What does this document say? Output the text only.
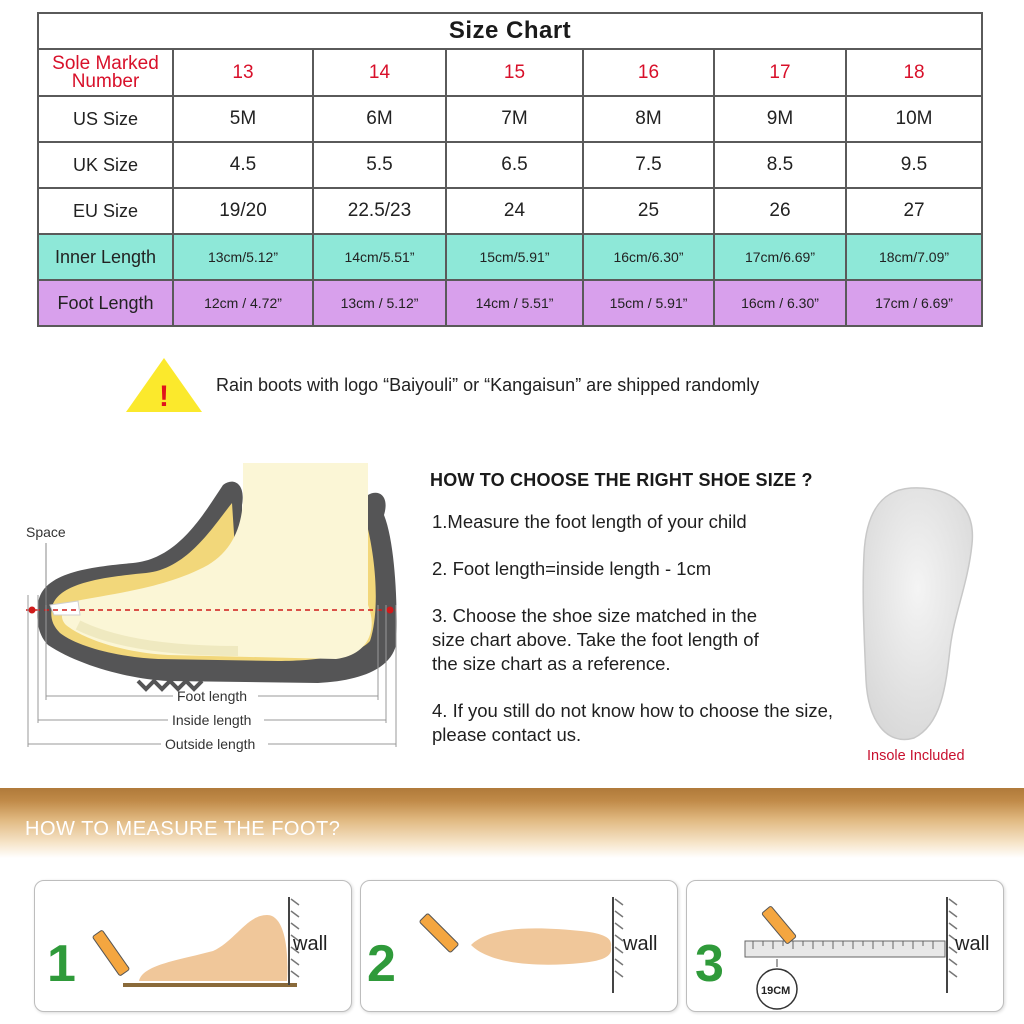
Size Chart						

Sole Marked
Number	13	14	15	16	17	18
US Size	5M	6M	7M	8M	9M	10M
UK Size	4.5	5.5	6.5	7.5	8.5	9.5
EU Size	19/20	22.5/23	24	25	26	27
Inner Length	13cm/5.12”	14cm/5.51”	15cm/5.91”	16cm/6.30”	17cm/6.69”	18cm/7.09”
Foot Length	12cm / 4.72”	13cm / 5.12”	14cm / 5.51”	15cm / 5.91”	16cm / 6.30”	17cm / 6.69”
!	Rain boots with logo “Baiyouli” or “Kangaisun” are shipped randomly
Space
Foot length
Inside length
Outside length
HOW TO CHOOSE THE RIGHT SHOE SIZE ?
1.Measure the foot length of your child
2. Foot length=inside length - 1cm
3. Choose the shoe size matched in the
size chart above. Take the foot length of
the size chart as a reference.
4. If you still do not know how to choose the size,
please contact us.
Insole Included
HOW TO MEASURE THE FOOT?
1	wall 2	wall 3	19CM
wall
